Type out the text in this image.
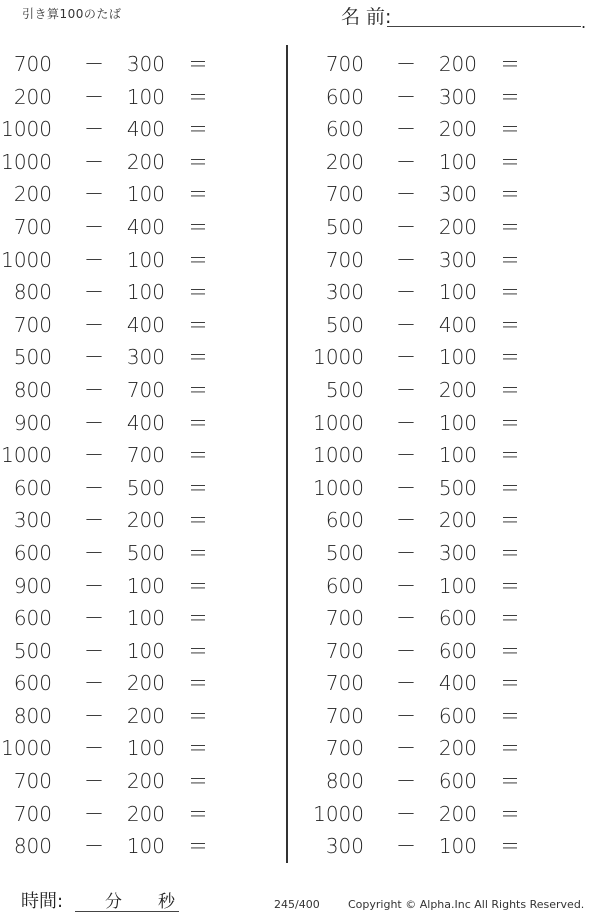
引き算100のたば	名 前:	.
700 －	300 ＝
200 －	100 ＝
1000 －	400 ＝
1000 －	200 ＝
200 －	100 ＝
700 －	400 ＝
1000 －	100 ＝
800 －	100 ＝
700 －	400 ＝
500 －	300 ＝
800 －	700 ＝
900 －	400 ＝
1000 －	700 ＝
600 －	500 ＝
300 －	200 ＝
600 －	500 ＝
900 －	100 ＝
600 －	100 ＝
500 －	100 ＝
600 －	200 ＝
800 －	200 ＝
1000 －	100 ＝
700 －	200 ＝
700 －	200 ＝
800 －	100 ＝
700 －	200 ＝
600 －	300 ＝
600 －	200 ＝
200 －	100 ＝
700 －	300 ＝
500 －	200 ＝
700 －	300 ＝
300 －	100 ＝
500 －	400 ＝
1000 －	100 ＝
500 －	200 ＝
1000 －	100 ＝
1000 －	100 ＝
1000 －	500 ＝
600 －	200 ＝
500 －	300 ＝
600 －	100 ＝
700 －	600 ＝
700 －	600 ＝
700 －	400 ＝
700 －	600 ＝
700 －	200 ＝
800 －	600 ＝
1000 －	200 ＝
300 －	100 ＝
時間: 分 秒	245/400	Copyright © Alpha.Inc All Rights Reserved.
